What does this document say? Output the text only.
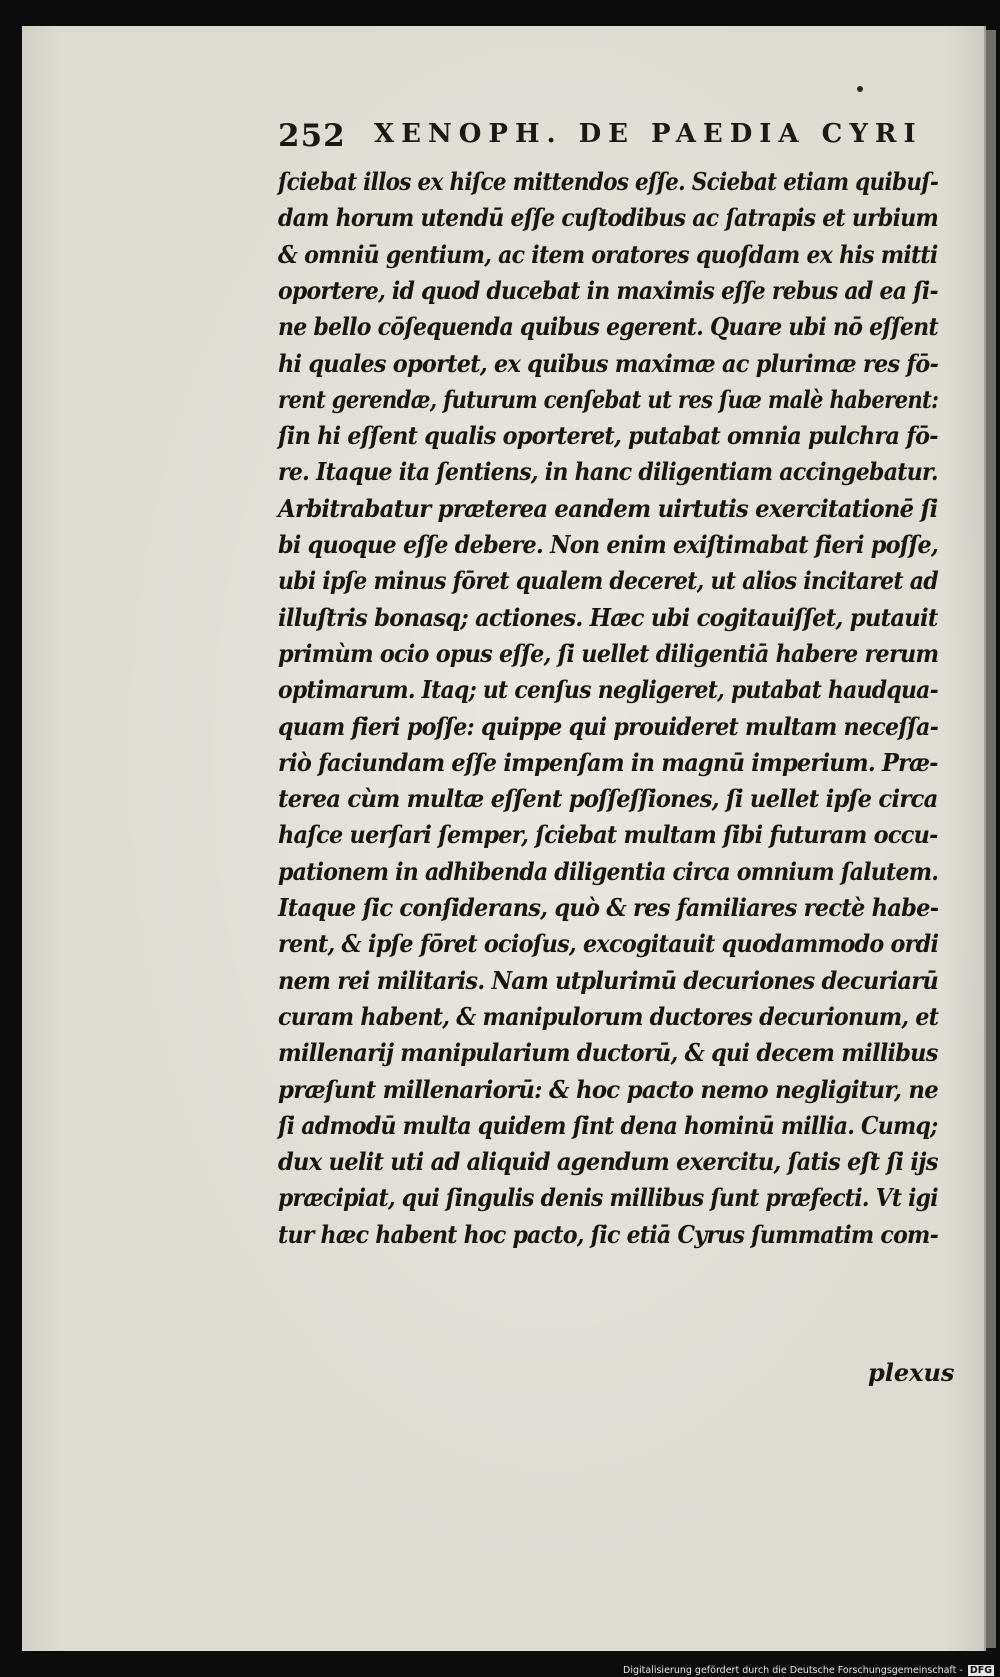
252 XENOPH. DE PAEDIA CYRI
ſciebat illos ex hiſce mittendos eſſe. Sciebat etiam quibuſ-
dam horum utendū eſſe cuſtodibus ac ſatrapis et urbium
& omniū gentium, ac item oratores quoſdam ex his mitti
oportere, id quod ducebat in maximis eſſe rebus ad ea ſi-
ne bello cōſequenda quibus egerent. Quare ubi nō eſſent
hi quales oportet, ex quibus maximæ ac plurimæ res fō-
rent gerendæ, futurum cenſebat ut res ſuæ malè haberent:
ſin hi eſſent qualis oporteret, putabat omnia pulchra fō-
re. Itaque ita ſentiens, in hanc diligentiam accingebatur.
Arbitrabatur præterea eandem uirtutis exercitationē ſi
bi quoque eſſe debere. Non enim exiſtimabat fieri poſſe,
ubi ipſe minus fōret qualem deceret, ut alios incitaret ad
illuſtris bonasq; actiones. Hæc ubi cogitauiſſet, putauit
primùm ocio opus eſſe, ſi uellet diligentiā habere rerum
optimarum. Itaq; ut cenſus negligeret, putabat haudqua-
quam fieri poſſe: quippe qui prouideret multam neceſſa-
riò faciundam eſſe impenſam in magnū imperium. Præ-
terea cùm multæ eſſent poſſeſſiones, ſi uellet ipſe circa
haſce uerſari ſemper, ſciebat multam ſibi futuram occu-
pationem in adhibenda diligentia circa omnium ſalutem.
Itaque ſic conſiderans, quò & res familiares rectè habe-
rent, & ipſe fōret ocioſus, excogitauit quodammodo ordi
nem rei militaris. Nam utplurimū decuriones decuriarū
curam habent, & manipulorum ductores decurionum, et
millenarij manipularium ductorū, & qui decem millibus
præſunt millenariorū: & hoc pacto nemo negligitur, ne
ſi admodū multa quidem ſint dena hominū millia. Cumq;
dux uelit uti ad aliquid agendum exercitu, ſatis eſt ſi ijs
præcipiat, qui ſingulis denis millibus ſunt præfecti. Vt igi
tur hæc habent hoc pacto, ſic etiā Cyrus ſummatim com-
plexus
Digitalisierung gefördert durch die Deutsche Forschungsgemeinschaft - DFG
